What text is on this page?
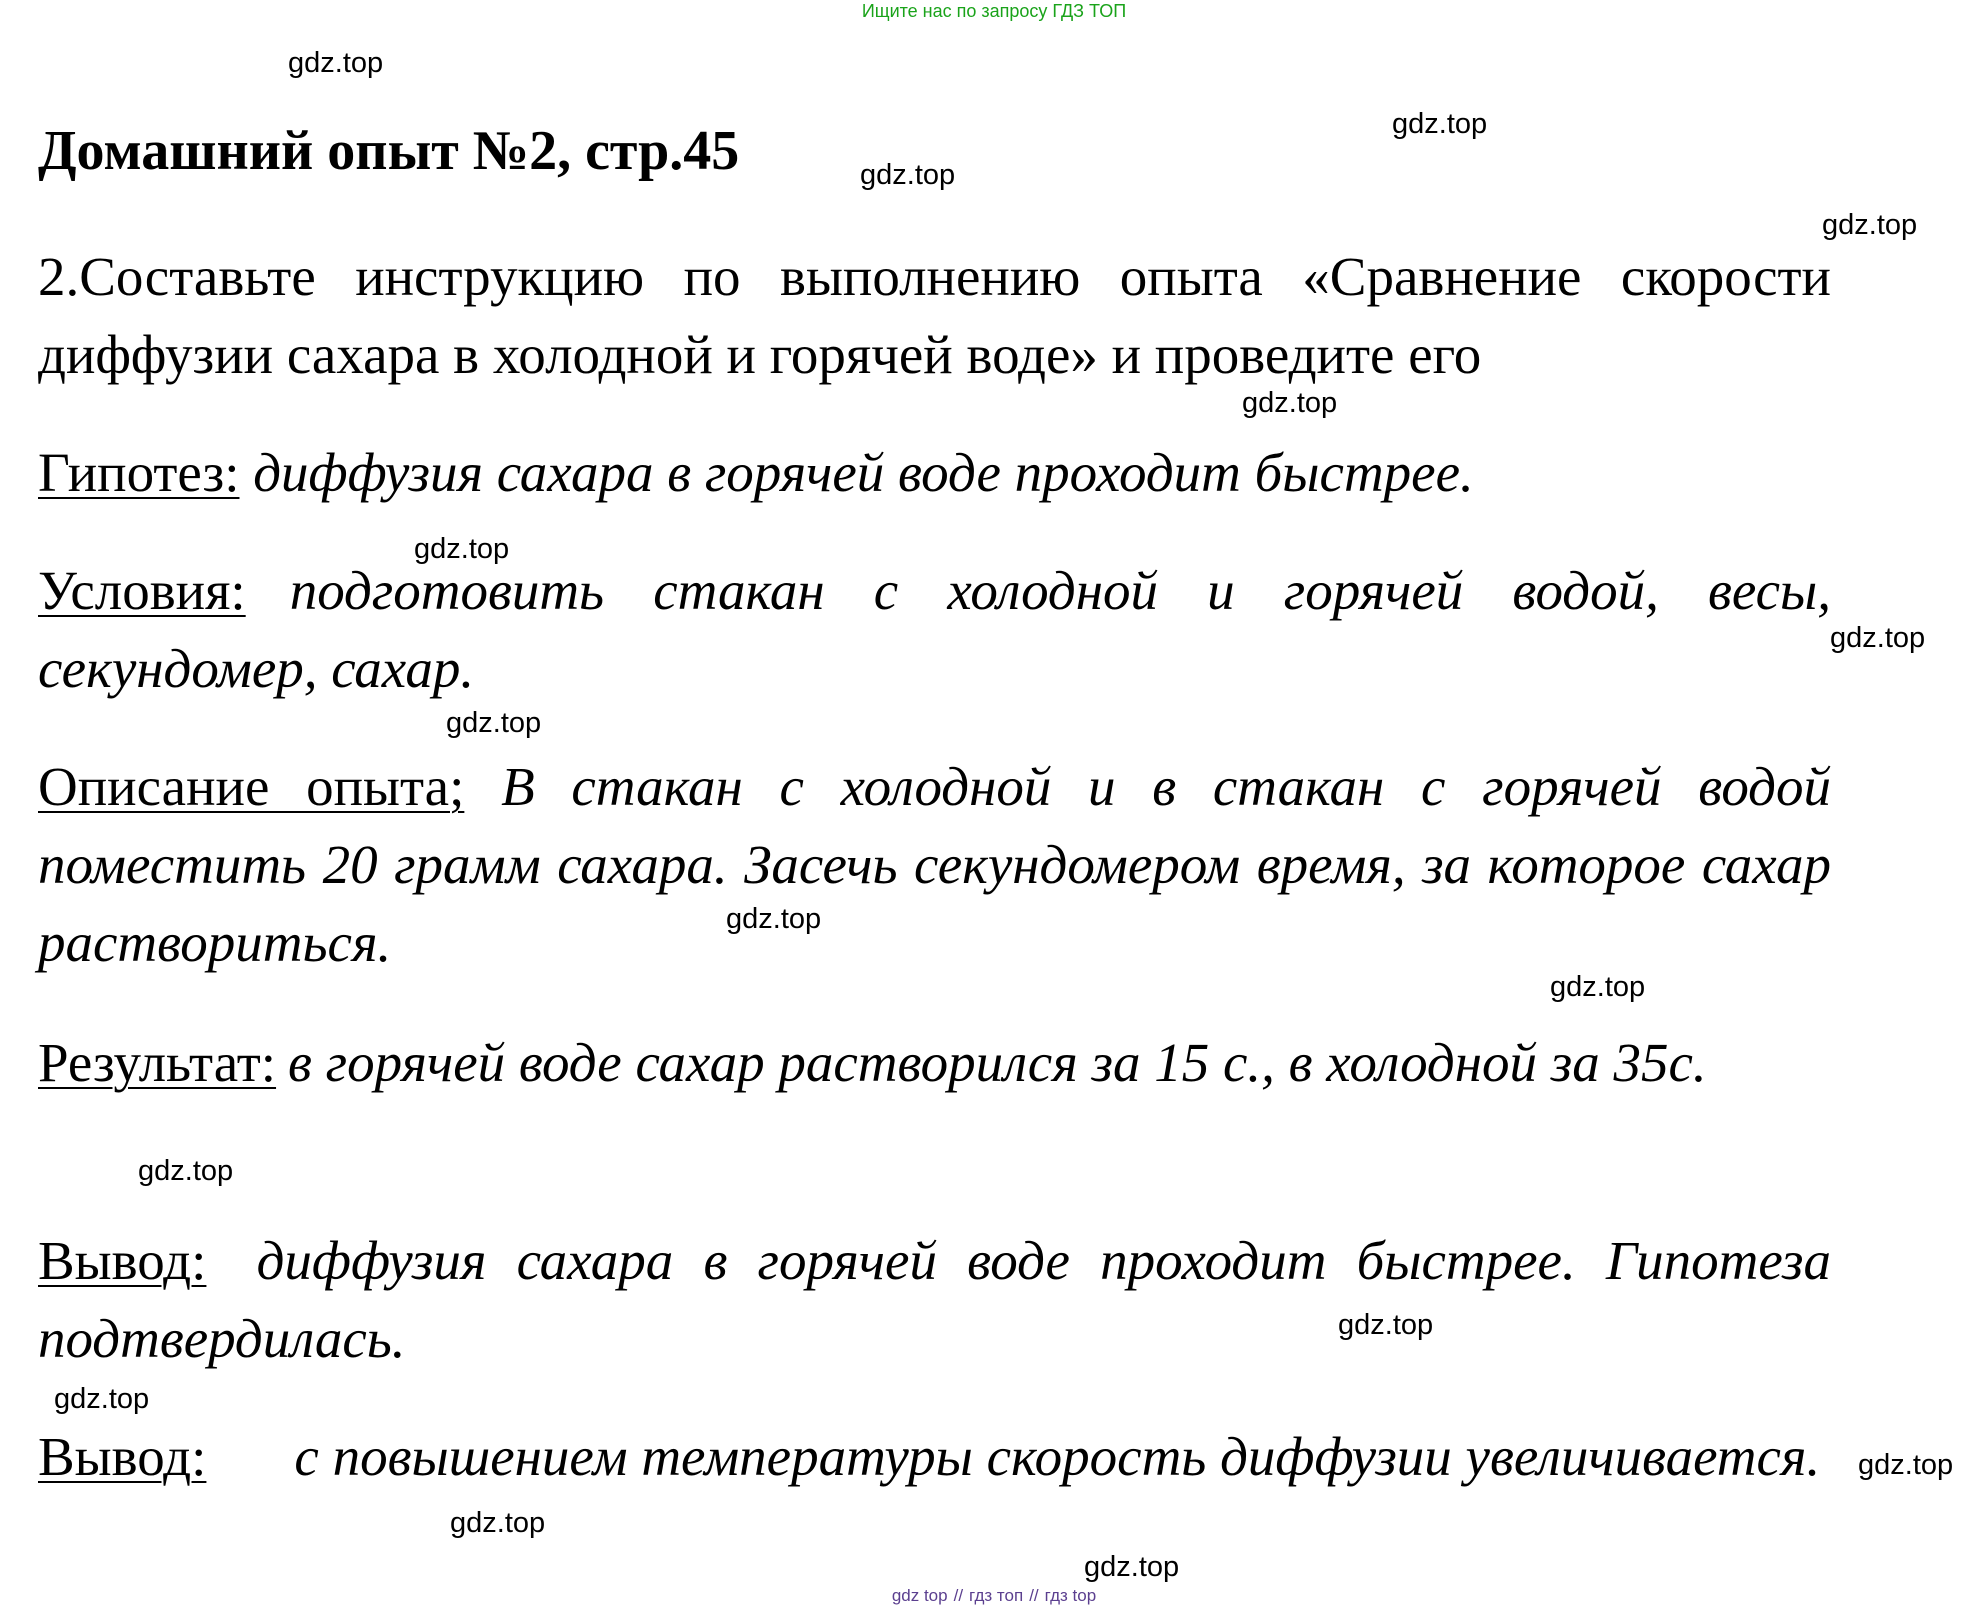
Ищите нас по запросу ГДЗ ТОП
Домашний опыт №2, стр.45
2.Составьте инструкцию по выполнению опыта «Сравнение скорости диффузии сахара в холодной и горячей воде» и проведите его
Гипотез: диффузия сахара в горячей воде проходит быстрее.
Условия: подготовить стакан с холодной и горячей водой, весы, секундомер, сахар.
Описание опыта; В стакан с холодной и в стакан с горячей водой поместить 20 грамм сахара. Засечь секундомером время, за которое сахар раствориться.
Результат: в горячей воде сахар растворился за 15 с., в холодной за 35с.
Вывод: диффузия сахара в горячей воде проходит быстрее. Гипотеза подтвердилась.
Вывод: с повышением температуры скорость диффузии увеличивается.
gdz.top
gdz.top
gdz.top
gdz.top
gdz.top
gdz.top
gdz.top
gdz.top
gdz.top
gdz.top
gdz.top
gdz.top
gdz.top
gdz.top
gdz.top
gdz.top
gdz top // гдз топ // гдз top
